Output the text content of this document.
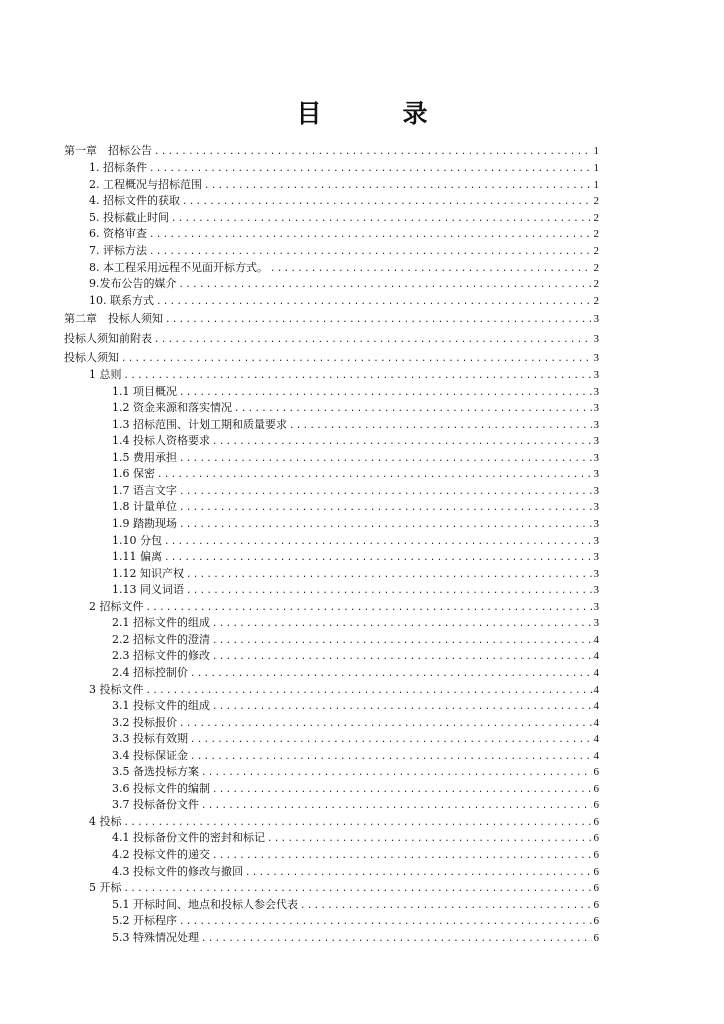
目　录
第一章　招标公告 .....	1
1. 招标条件 .....	1
2. 工程概况与招标范围 .....	1
4. 招标文件的获取 .....	2
5. 投标截止时间 .....	2
6. 资格审查 .....	2
7. 评标方法 .....	2
8. 本工程采用远程不见面开标方式。 .....	2
9.发布公告的媒介 .....	2
10. 联系方式 .....	2
第二章　投标人须知 .....	3
投标人须知前附表 .....	3
投标人须知 .....	3
1 总则 .....	3
1.1 项目概况 .....	3
1.2 资金来源和落实情况 .....	3
1.3 招标范围、计划工期和质量要求 .....	3
1.4 投标人资格要求 .....	3
1.5 费用承担 .....	3
1.6 保密 .....	3
1.7 语言文字 .....	3
1.8 计量单位 .....	3
1.9 踏勘现场 .....	3
1.10 分包 .....	3
1.11 偏离 .....	3
1.12 知识产权 .....	3
1.13 同义词语 .....	3
2 招标文件 .....	3
2.1 招标文件的组成 .....	3
2.2 招标文件的澄清 .....	4
2.3 招标文件的修改 .....	4
2.4 招标控制价 .....	4
3 投标文件 .....	4
3.1 投标文件的组成 .....	4
3.2 投标报价 .....	4
3.3 投标有效期 .....	4
3.4 投标保证金 .....	4
3.5 备选投标方案 .....	6
3.6 投标文件的编制 .....	6
3.7 投标备份文件 .....	6
4 投标 .....	6
4.1 投标备份文件的密封和标记 .....	6
4.2 投标文件的递交 .....	6
4.3 投标文件的修改与撤回 .....	6
5 开标 .....	6
5.1 开标时间、地点和投标人参会代表 .....	6
5.2 开标程序 .....	6
5.3 特殊情况处理 .....	6
